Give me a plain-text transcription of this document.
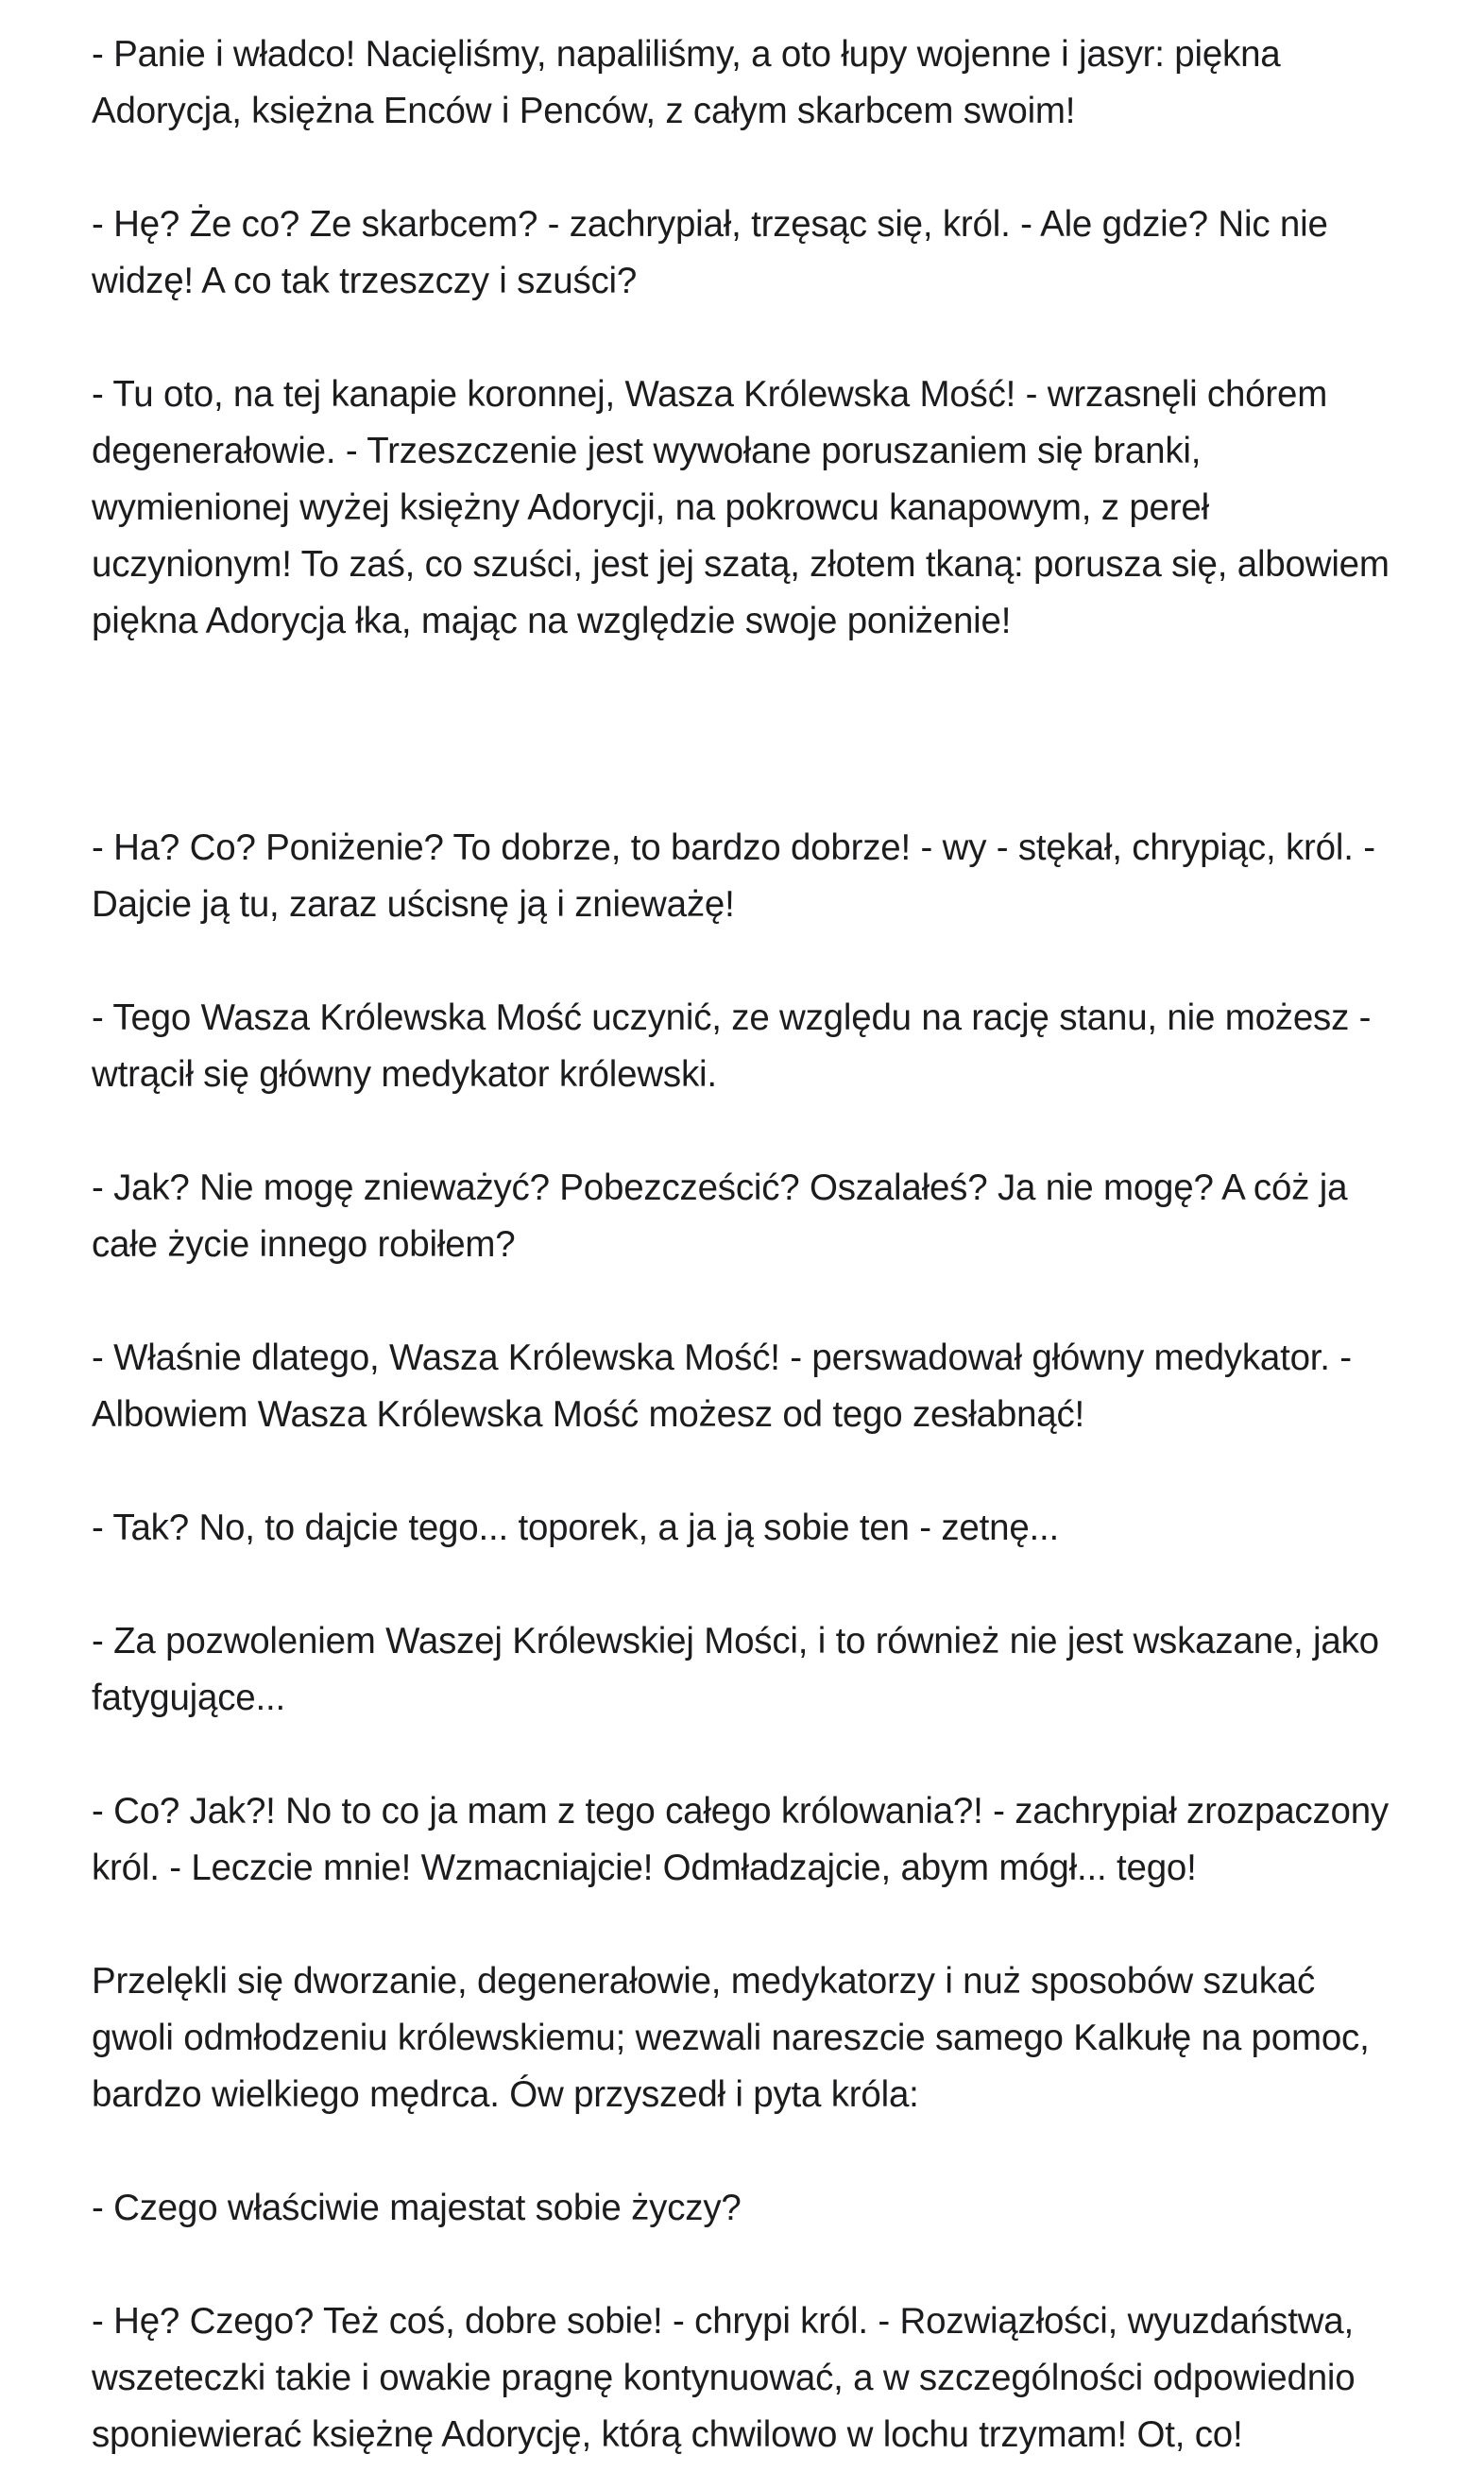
- Panie i władco! Nacięliśmy, napaliliśmy, a oto łupy wojenne i jasyr: piękna Adorycja, księżna Enców i Penców, z całym skarbcem swoim!

- Hę? Że co? Ze skarbcem? - zachrypiał, trzęsąc się, król. - Ale gdzie? Nic nie widzę! A co tak trzeszczy i szuści?

- Tu oto, na tej kanapie koronnej, Wasza Królewska Mość! - wrzasnęli chórem degenerałowie. - Trzeszczenie jest wywołane poruszaniem się branki, wymienionej wyżej księżny Adorycji, na pokrowcu kanapowym, z pereł uczynionym! To zaś, co szuści, jest jej szatą, złotem tkaną: porusza się, albowiem piękna Adorycja łka, mając na względzie swoje poniżenie!

- Ha? Co? Poniżenie? To dobrze, to bardzo dobrze! - wy - stękał, chrypiąc, król. - Dajcie ją tu, zaraz uścisnę ją i znieważę!

- Tego Wasza Królewska Mość uczynić, ze względu na rację stanu, nie możesz - wtrącił się główny medykator królewski.

- Jak? Nie mogę znieważyć? Pobezcześcić? Oszalałeś? Ja nie mogę? A cóż ja całe życie innego robiłem?

- Właśnie dlatego, Wasza Królewska Mość! - perswadował główny medykator. - Albowiem Wasza Królewska Mość możesz od tego zesłabnąć!

- Tak? No, to dajcie tego... toporek, a ja ją sobie ten - zetnę...

- Za pozwoleniem Waszej Królewskiej Mości, i to również nie jest wskazane, jako fatygujące...

- Co? Jak?! No to co ja mam z tego całego królowania?! - zachrypiał zrozpaczony król. - Leczcie mnie! Wzmacniajcie! Odmładzajcie, abym mógł... tego!

Przelękli się dworzanie, degenerałowie, medykatorzy i nuż sposobów szukać gwoli odmłodzeniu królewskiemu; wezwali nareszcie samego Kalkułę na pomoc, bardzo wielkiego mędrca. Ów przyszedł i pyta króla:

- Czego właściwie majestat sobie życzy?

- Hę? Czego? Też coś, dobre sobie! - chrypi król. - Rozwiązłości, wyuzdaństwa, wszeteczki takie i owakie pragnę kontynuować, a w szczególności odpowiednio sponiewierać księżnę Adorycję, którą chwilowo w lochu trzymam! Ot, co!
